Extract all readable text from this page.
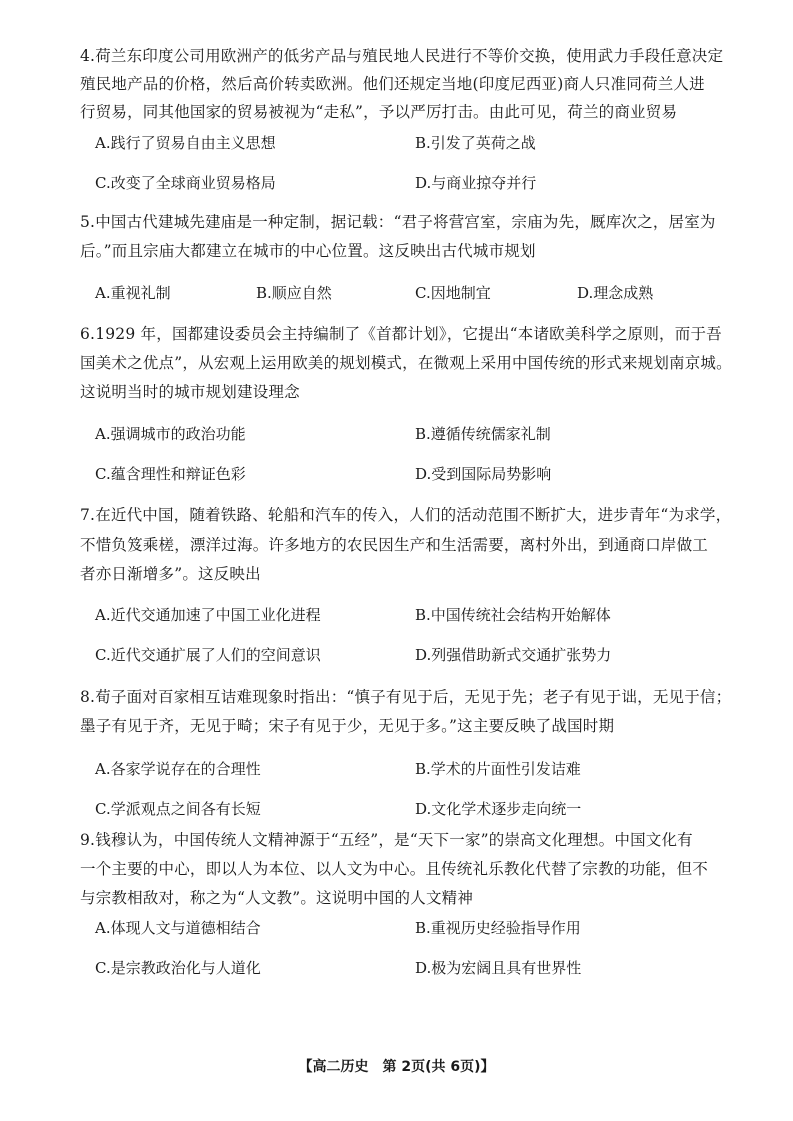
4.荷兰东印度公司用欧洲产的低劣产品与殖民地人民进行不等价交换，使用武力手段任意决定
殖民地产品的价格，然后高价转卖欧洲。他们还规定当地(印度尼西亚)商人只准同荷兰人进
行贸易，同其他国家的贸易被视为“走私”，予以严厉打击。由此可见，荷兰的商业贸易
A.践行了贸易自由主义思想	B.引发了英荷之战
C.改变了全球商业贸易格局	D.与商业掠夺并行
5.中国古代建城先建庙是一种定制，据记载：“君子将营宫室，宗庙为先，厩库次之，居室为
后。”而且宗庙大都建立在城市的中心位置。这反映出古代城市规划
A.重视礼制	B.顺应自然	C.因地制宜	D.理念成熟
6.1929 年，国都建设委员会主持编制了《首都计划》，它提出“本诸欧美科学之原则，而于吾
国美术之优点”，从宏观上运用欧美的规划模式，在微观上采用中国传统的形式来规划南京城。
这说明当时的城市规划建设理念
A.强调城市的政治功能	B.遵循传统儒家礼制
C.蕴含理性和辩证色彩	D.受到国际局势影响
7.在近代中国，随着铁路、轮船和汽车的传入，人们的活动范围不断扩大，进步青年“为求学，
不惜负笈乘槎，漂洋过海。许多地方的农民因生产和生活需要，离村外出，到通商口岸做工
者亦日渐增多”。这反映出
A.近代交通加速了中国工业化进程	B.中国传统社会结构开始解体
C.近代交通扩展了人们的空间意识	D.列强借助新式交通扩张势力
8.荀子面对百家相互诘难现象时指出：“慎子有见于后，无见于先；老子有见于诎，无见于信；
墨子有见于齐，无见于畸；宋子有见于少，无见于多。”这主要反映了战国时期
A.各家学说存在的合理性	B.学术的片面性引发诘难
C.学派观点之间各有长短	D.文化学术逐步走向统一
9.钱穆认为，中国传统人文精神源于“五经”，是“天下一家”的崇高文化理想。中国文化有
一个主要的中心，即以人为本位、以人文为中心。且传统礼乐教化代替了宗教的功能，但不
与宗教相敌对，称之为“人文教”。这说明中国的人文精神
A.体现人文与道德相结合	B.重视历史经验指导作用
C.是宗教政治化与人道化	D.极为宏阔且具有世界性
【高二历史　第 2页(共 6页)】
